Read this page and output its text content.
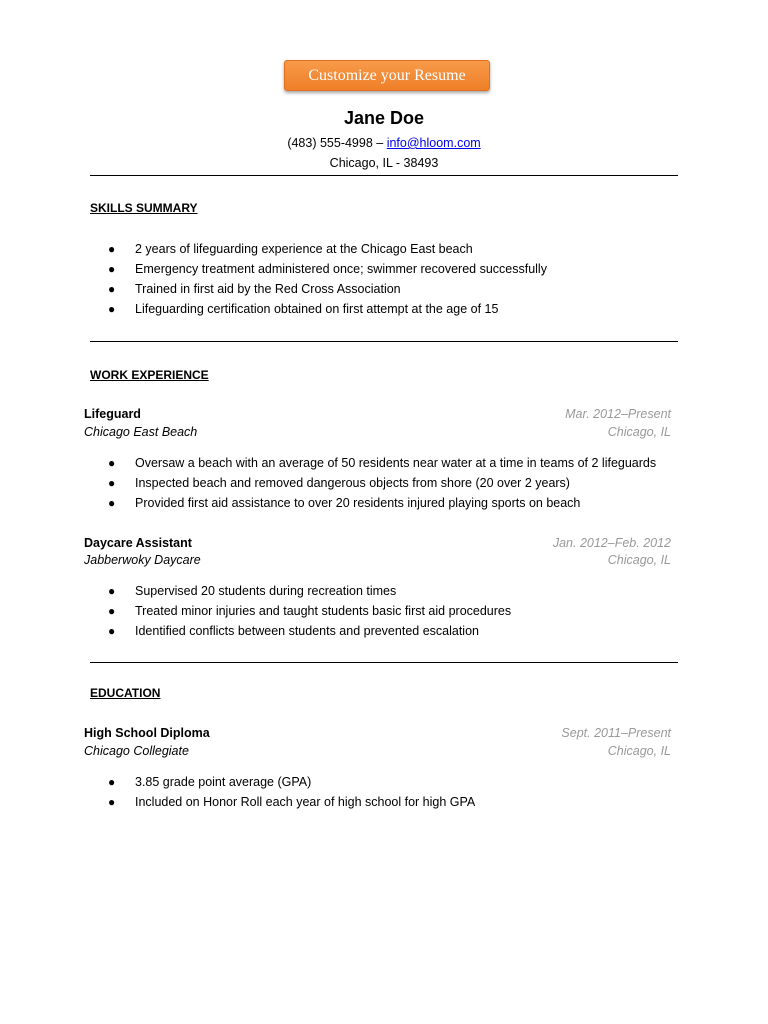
Customize your Resume
Jane Doe
(483) 555-4998 – info@hloom.com
Chicago, IL - 38493
SKILLS SUMMARY
● 2 years of lifeguarding experience at the Chicago East beach
● Emergency treatment administered once; swimmer recovered successfully
● Trained in first aid by the Red Cross Association
● Lifeguarding certification obtained on first attempt at the age of 15
WORK EXPERIENCE
Lifeguard	Mar. 2012–Present
Chicago East Beach	Chicago, IL
● Oversaw a beach with an average of 50 residents near water at a time in teams of 2 lifeguards
● Inspected beach and removed dangerous objects from shore (20 over 2 years)
● Provided first aid assistance to over 20 residents injured playing sports on beach
Daycare Assistant	Jan. 2012–Feb. 2012
Jabberwoky Daycare	Chicago, IL
● Supervised 20 students during recreation times
● Treated minor injuries and taught students basic first aid procedures
● Identified conflicts between students and prevented escalation
EDUCATION
High School Diploma	Sept. 2011–Present
Chicago Collegiate	Chicago, IL
● 3.85 grade point average (GPA)
● Included on Honor Roll each year of high school for high GPA
